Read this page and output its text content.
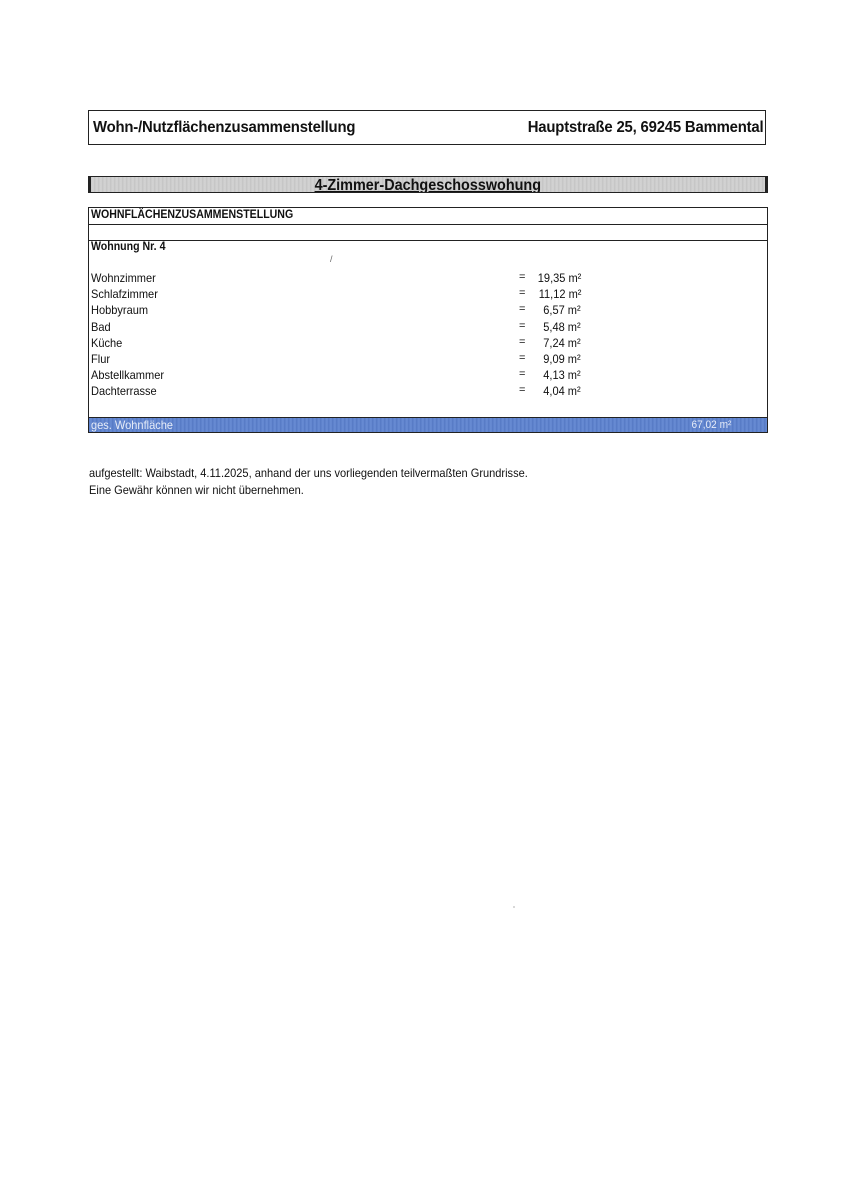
Wohn-/Nutzflächenzusammenstellung	Hauptstraße 25, 69245 Bammental
4-Zimmer-Dachgeschosswohung
WOHNFLÄCHENZUSAMMENSTELLUNG
Wohnung Nr. 4
/
Wohnzimmer	= 19,35 m²
Schlafzimmer	= 11,12 m²
Hobbyraum	= 6,57 m²
Bad	= 5,48 m²
Küche	= 7,24 m²
Flur	= 9,09 m²
Abstellkammer	= 4,13 m²
Dachterrasse	= 4,04 m²
ges. Wohnfläche	67,02 m²
aufgestellt: Waibstadt, 4.11.2025, anhand der uns vorliegenden teilvermaßten Grundrisse.
Eine Gewähr können wir nicht übernehmen.
